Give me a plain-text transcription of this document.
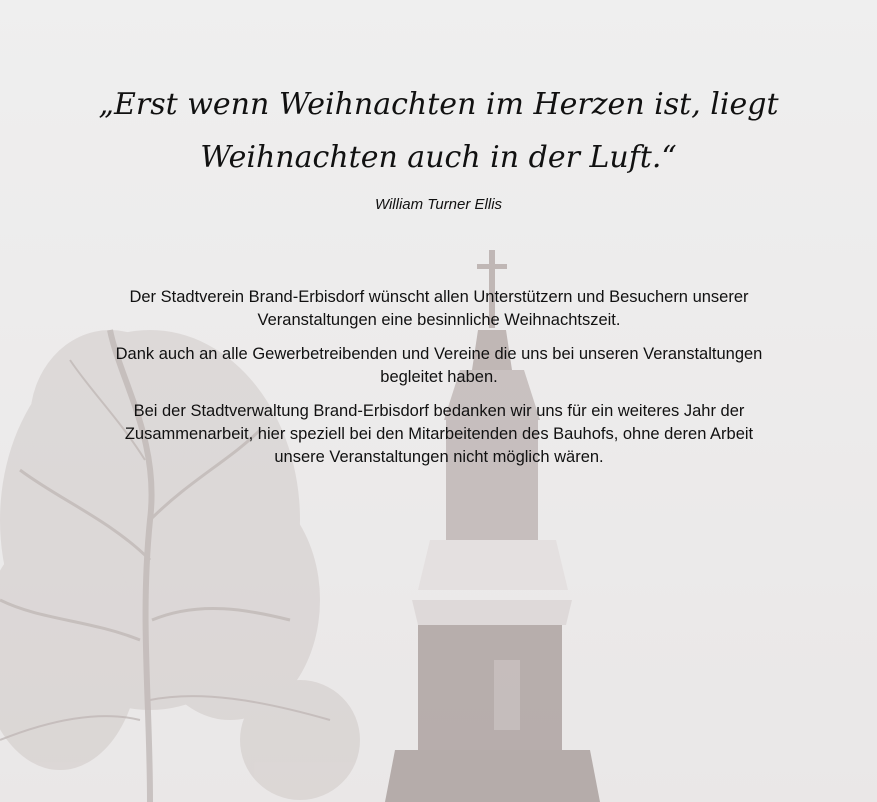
„Erst wenn Weihnachten im Herzen ist, liegt
Weihnachten auch in der Luft.“
William Turner Ellis

Der Stadtverein Brand-Erbisdorf wünscht allen Unterstützern und Besuchern unserer Veranstaltungen eine besinnliche Weihnachtszeit.

Dank auch an alle Gewerbetreibenden und Vereine die uns bei unseren Veranstaltungen begleitet haben.

Bei der Stadtverwaltung Brand-Erbisdorf bedanken wir uns für ein weiteres Jahr der Zusammenarbeit, hier speziell bei den Mitarbeitenden des Bauhofs, ohne deren Arbeit unsere Veranstaltungen nicht möglich wären.
